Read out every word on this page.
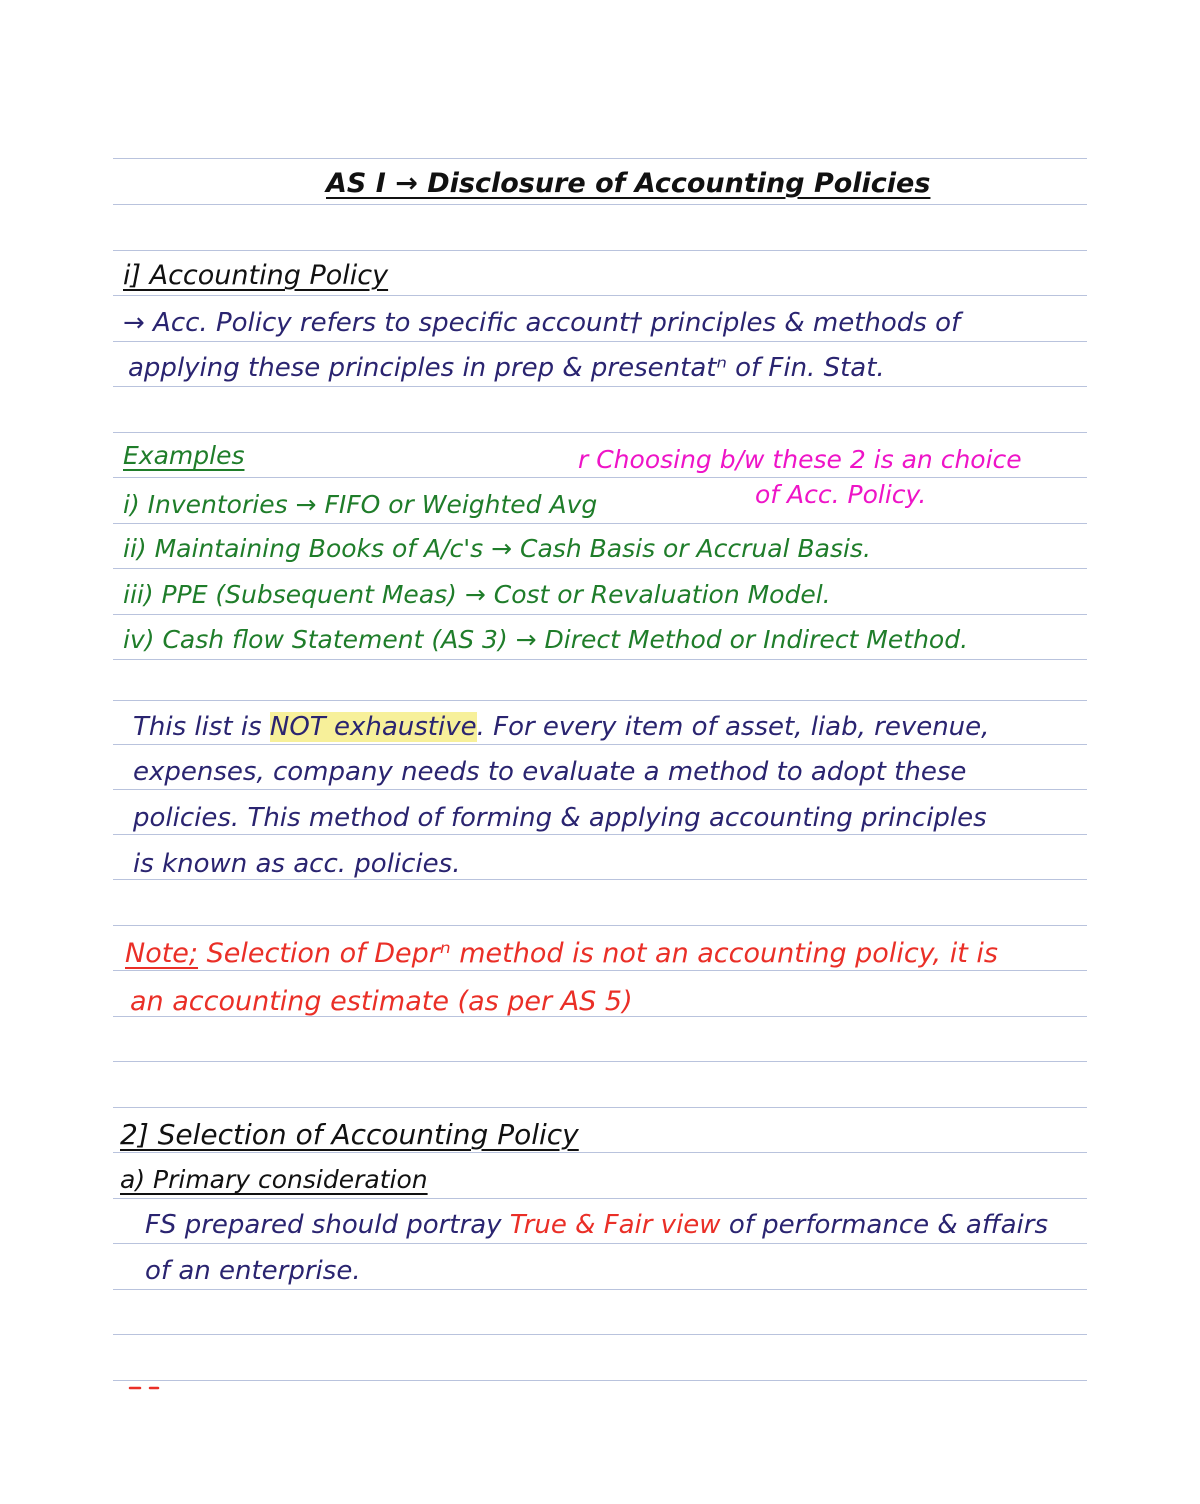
AS I → Disclosure of Accounting Policies
i] Accounting Policy
→ Acc. Policy refers to specific account† principles & methods of
applying these principles in prep & presentatⁿ of Fin. Stat.
Examples	r Choosing b/w these 2 is an choice
of Acc. Policy.
i) Inventories → FIFO or Weighted Avg
ii) Maintaining Books of A/c's → Cash Basis or Accrual Basis.
iii) PPE (Subsequent Meas) → Cost or Revaluation Model.
iv) Cash flow Statement (AS 3) → Direct Method or Indirect Method.
This list is NOT exhaustive. For every item of asset, liab, revenue,
expenses, company needs to evaluate a method to adopt these
policies. This method of forming & applying accounting principles
is known as acc. policies.
Note; Selection of Deprⁿ method is not an accounting policy, it is
an accounting estimate (as per AS 5)
2] Selection of Accounting Policy
a) Primary consideration
FS prepared should portray True & Fair view of performance & affairs
of an enterprise.
